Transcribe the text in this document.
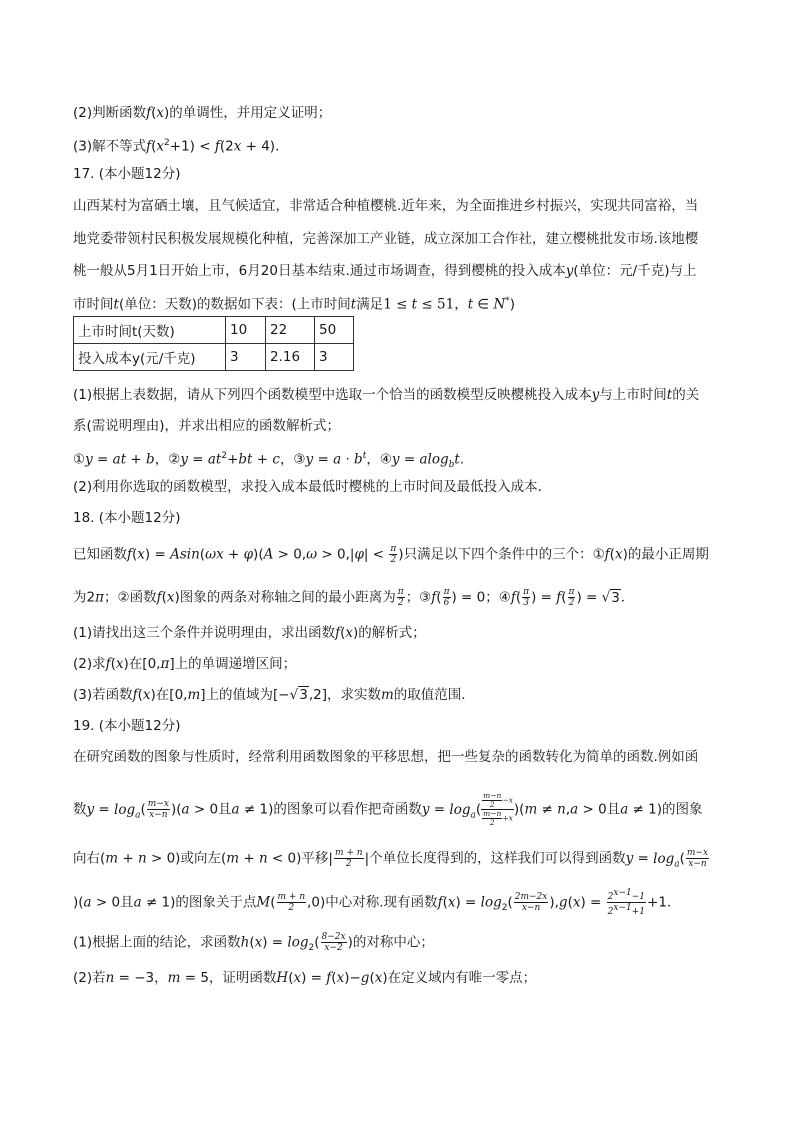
(2)判断函数f(x)的单调性，并用定义证明；
(3)解不等式$f(x^2+1) < f(2x + 4)$．
17. (本小题12分)
山西某村为富硒土壤，且气候适宜，非常适合种植樱桃.近年来，为全面推进乡村振兴，实现共同富裕，当
地党委带领村民积极发展规模化种植，完善深加工产业链，成立深加工合作社，建立樱桃批发市场.该地樱
桃一般从5月1日开始上市，6月20日基本结束.通过市场调查，得到樱桃的投入成本y(单位：元/千克)与上
市时间t(单位：天数)的数据如下表：(上市时间t满足1 ≤ t ≤ 51，t ∈ N*)
上市时间t(天数)	10	22	50
投入成本y(元/千克)	3	2.16	3
(1)根据上表数据，请从下列四个函数模型中选取一个恰当的函数模型反映樱桃投入成本y与上市时间t的关
系(需说明理由)，并求出相应的函数解析式；
①y = at + b，②y = $at^2+bt + c$，③y = $a \cdot b^t$，④y = alog$_b$t.
(2)利用你选取的函数模型，求投入成本最低时樱桃的上市时间及最低投入成本．
18. (本小题12分)
已知函数$f(x) = Asin(\omega x + \varphi)(A > 0,\omega > 0,|\varphi| < \frac{\pi}{2}$ )只满足以下四个条件中的三个：①f(x)的最小正周期
为2π；②函数f(x)图象的两条对称轴之间的最小距离为 $\frac{\pi}{2}$ ；③f( $\frac{\pi}{6}$ ) = 0；④f( $\frac{\pi}{3}$ ) = $f( \frac{\pi}{2}$ ) = √3．
(1)请找出这三个条件并说明理由，求出函数f(x)的解析式；
(2)求f(x)在[0,π]上的单调递增区间；
(3)若函数f(x)在[0,m]上的值域为[−√3,2]，求实数m的取值范围．
19. (本小题12分)
在研究函数的图象与性质时，经常利用函数图象的平移思想，把一些复杂的函数转化为简单的函数.例如函
数$y = \log_a( \frac{m-x}{x-n} )(a > 0$且a ≠ 1)的图象可以看作把奇函数$y = \log_a( \frac{\frac{m-n}{2} -x}{\frac{m-n}{2} +x} )(m \ne n,a > 0$且a ≠ 1)的图象
向右(m + n > 0)或向左(m + n < 0)平移| $\frac{m + n}{2}$ |个单位长度得到的，这样我们可以得到函数$y = \log_a( \frac{m-x}{x-n}$
)(a > 0且a ≠ 1)的图象关于点$M( \frac{m + n}{2} ,0)$中心对称.现有函数$f(x) = \log_2( \frac{2m-2x}{x-n} ),g(x) = \frac{2^{x-1}-1}{2^{x-1}+1} +1$．
(1)根据上面的结论，求函数$h(x) = \log_2( \frac{8-2x}{x-2}$ )的对称中心；
(2)若n = −3，m = 5，证明函数H(x) = f(x)−g(x)在定义域内有唯一零点；
